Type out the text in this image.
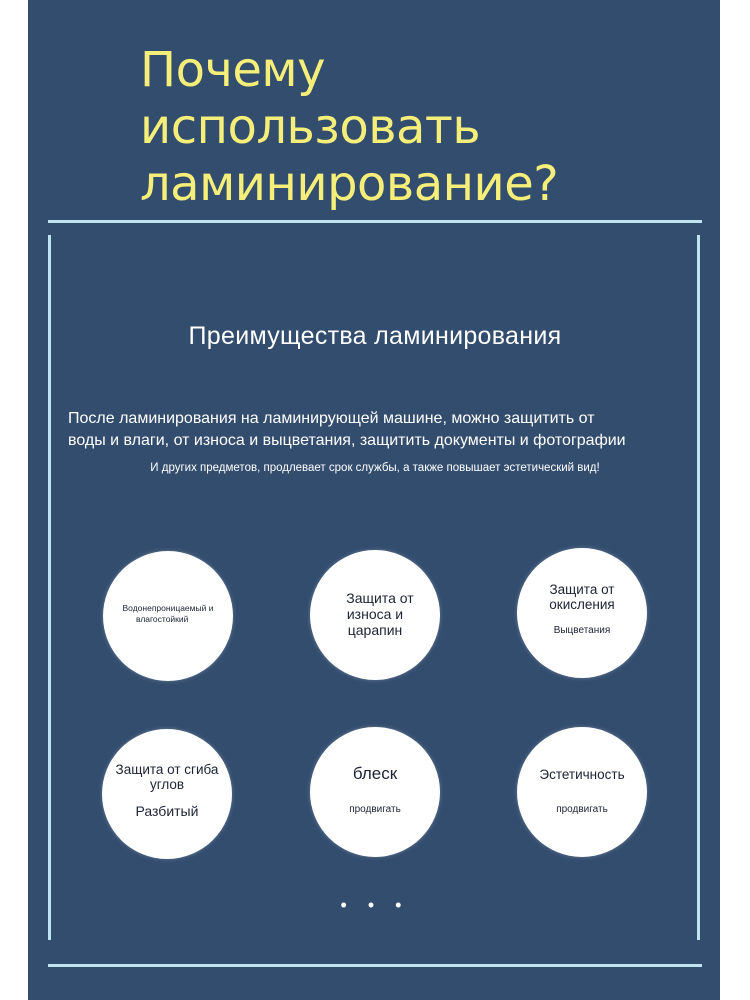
Почему
использовать
ламинирование?
Преимущества ламинирования
После ламинирования на ламинирующей машине, можно защитить от
воды и влаги, от износа и выцветания, защитить документы и фотографии
И других предметов, продлевает срок службы, а также повышает эстетический вид!
Водонепроницаемый и
влагостойкий
Защита от
износа и
царапин
Защита от
окисления
Выцветания
Защита от сгиба
углов
Разбитый
блеск
продвигать
Эстетичность
продвигать
• • •
